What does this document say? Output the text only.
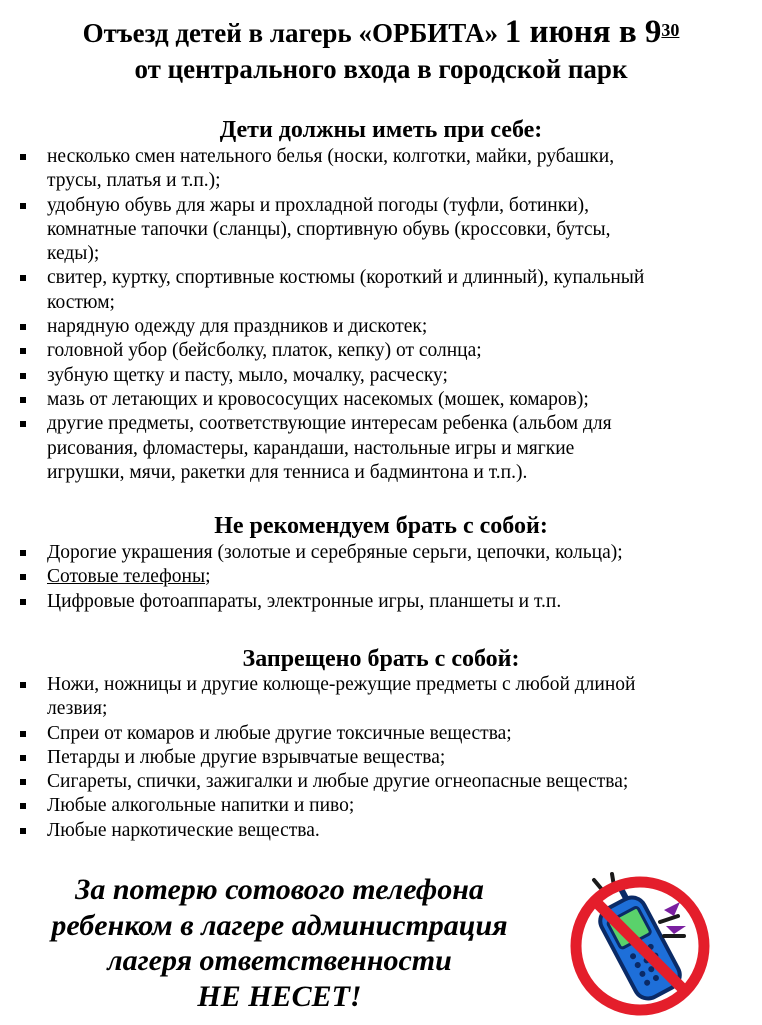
Отъезд детей в лагерь «ОРБИТА» 1 июня в $9^{30}$
от центрального входа в городской парк
Дети должны иметь при себе:
несколько смен нательного белья (носки, колготки, майки, рубашки,
трусы, платья и т.п.);
удобную обувь для жары и прохладной погоды (туфли, ботинки),
комнатные тапочки (сланцы), спортивную обувь (кроссовки, бутсы,
кеды);
свитер, куртку, спортивные костюмы (короткий и длинный), купальный
костюм;
нарядную одежду для праздников и дискотек;
головной убор (бейсболку, платок, кепку) от солнца;
зубную щетку и пасту, мыло, мочалку, расческу;
мазь от летающих и кровососущих насекомых (мошек, комаров);
другие предметы, соответствующие интересам ребенка (альбом для
рисования, фломастеры, карандаши, настольные игры и мягкие
игрушки, мячи, ракетки для тенниса и бадминтона и т.п.).
Не рекомендуем брать с собой:
Дорогие украшения (золотые и серебряные серьги, цепочки, кольца);
Сотовые телефоны;
Цифровые фотоаппараты, электронные игры, планшеты и т.п.
Запрещено брать с собой:
Ножи, ножницы и другие колюще-режущие предметы с любой длиной
лезвия;
Спреи от комаров и любые другие токсичные вещества;
Петарды и любые другие взрывчатые вещества;
Сигареты, спички, зажигалки и любые другие огнеопасные вещества;
Любые алкогольные напитки и пиво;
Любые наркотические вещества.
За потерю сотового телефона
ребенком в лагере администрация
лагеря ответственности
НЕ НЕСЕТ!
